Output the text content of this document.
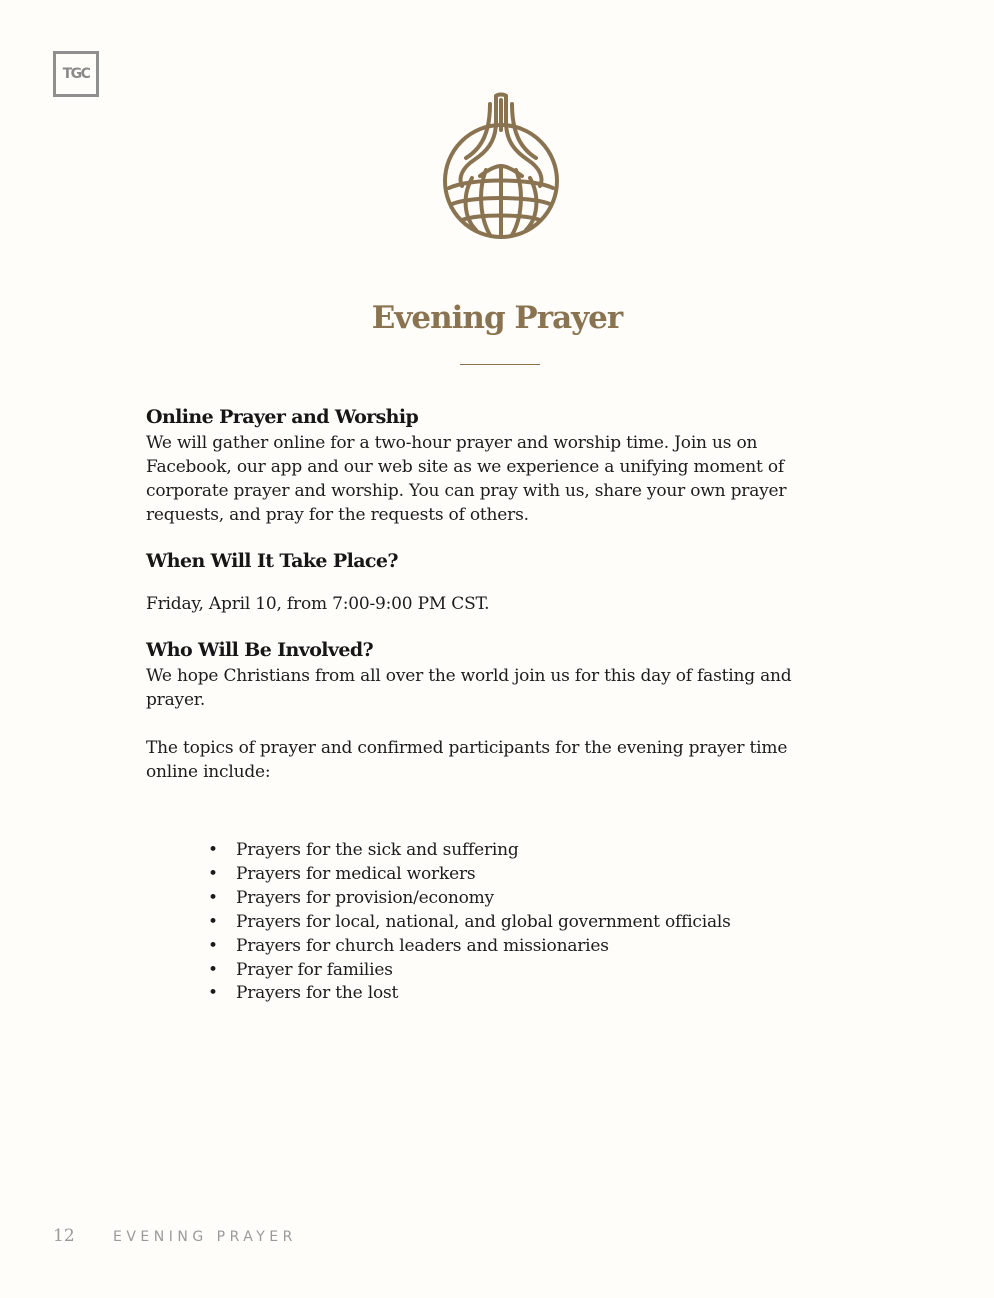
TGC
Evening Prayer
Online Prayer and Worship

We will gather online for a two-hour prayer and worship time. Join us on Facebook, our app and our web site as we experience a unifying moment of corporate prayer and worship. You can pray with us, share your own prayer requests, and pray for the requests of others.

When Will It Take Place?

Friday, April 10, from 7:00-9:00 PM CST.

Who Will Be Involved?

We hope Christians from all over the world join us for this day of fasting and prayer.

The topics of prayer and confirmed participants for the evening prayer time online include:

• Prayers for the sick and suffering
• Prayers for medical workers
• Prayers for provision/economy
• Prayers for local, national, and global government officials
• Prayers for church leaders and missionaries
• Prayer for families
• Prayers for the lost
12	EVENING PRAYER
